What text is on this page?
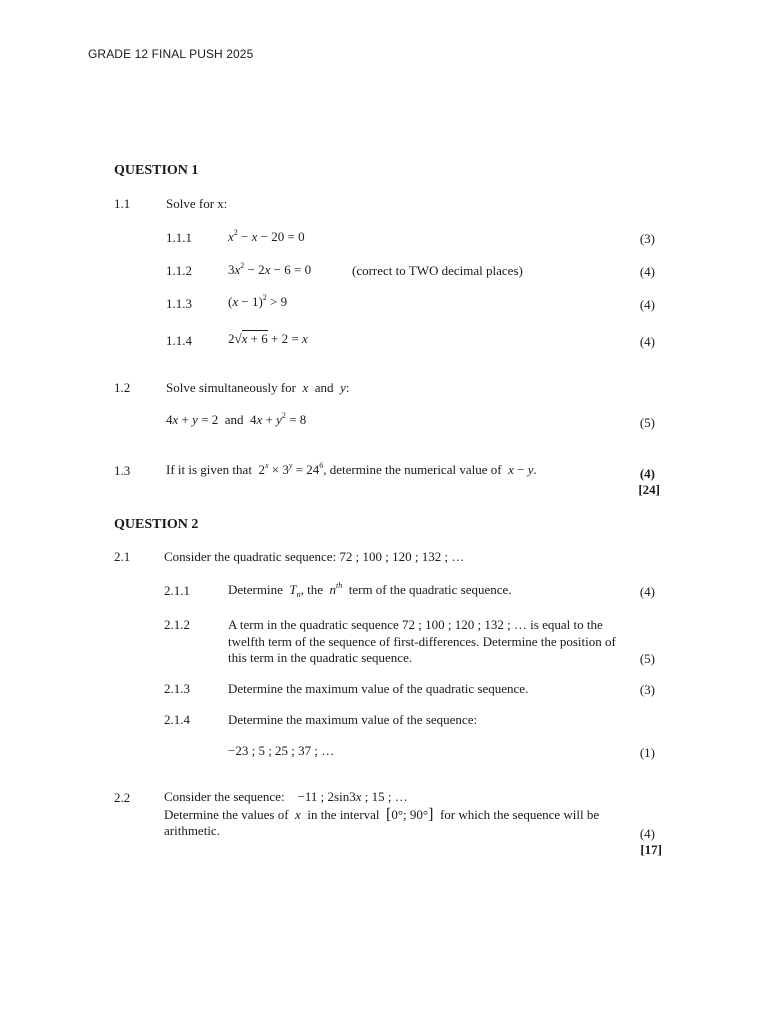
GRADE 12 FINAL PUSH 2025
QUESTION 1
1.1	Solve for x:
1.1.1	$x^2 - x - 20 = 0$	(3)
1.1.2	$3x^2 - 2x - 6 = 0$	(correct to TWO decimal places)	(4)
1.1.3	$(x - 1)^2 > 9$	(4)
1.1.4	2√x + 6 + 2 = x	(4)
1.2	Solve simultaneously for  x  and  y:
4x + y = 2  and  $4x + y^2 = 8$	(5)
1.3	If it is given that  $2^x \times 3^y = 24^6$, determine the numerical value of x − y.	(4)
[24]
QUESTION 2
2.1	Consider the quadratic sequence: 72 ; 100 ; 120 ; 132 ; …
2.1.1	Determine $T_n$, the $n^{th}$ term of the quadratic sequence.	(4)
2.1.2	A term in the quadratic sequence 72 ; 100 ; 120 ; 132 ; … is equal to the twelfth term of the sequence of first-differences. Determine the position of this term in the quadratic sequence.	(5)
2.1.3	Determine the maximum value of the quadratic sequence.	(3)
2.1.4	Determine the maximum value of the sequence:
−23 ; 5 ; 25 ; 37 ; …	(1)
2.2	Consider the sequence:    −11 ; 2sin3x ; 15 ; …
Determine the values of x in the interval [0°; 90°] for which the sequence will be
arithmetic.	(4)
[17]
